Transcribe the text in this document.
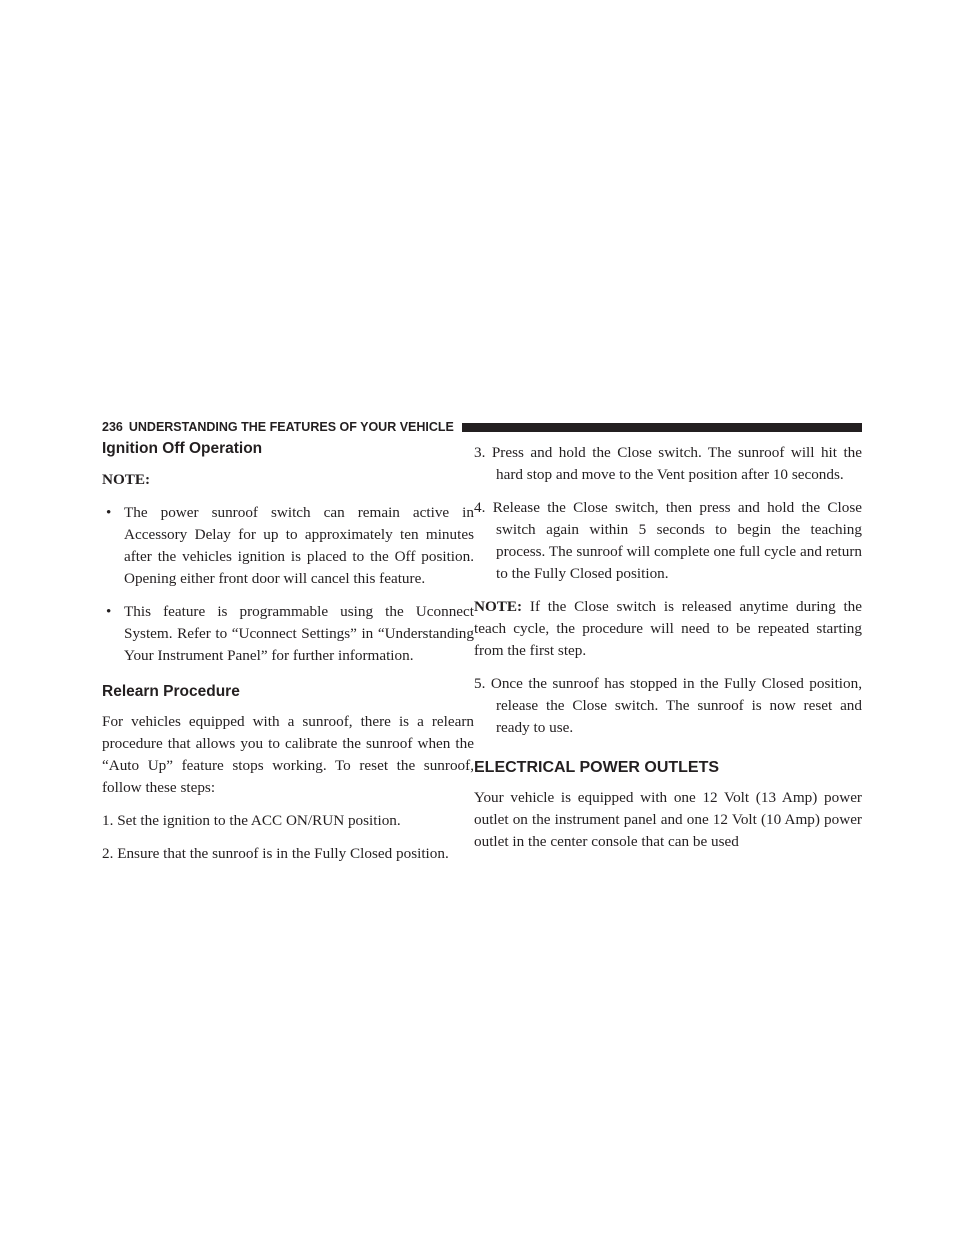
236 UNDERSTANDING THE FEATURES OF YOUR VEHICLE
Ignition Off Operation

NOTE:

• The power sunroof switch can remain active in Accessory Delay for up to approximately ten minutes after the vehicles ignition is placed to the Off position. Opening either front door will cancel this feature.
• This feature is programmable using the Uconnect System. Refer to “Uconnect Settings” in “Understanding Your Instrument Panel” for further information.
Relearn Procedure

For vehicles equipped with a sunroof, there is a relearn procedure that allows you to calibrate the sunroof when the “Auto Up” feature stops working. To reset the sunroof, follow these steps:

1. Set the ignition to the ACC ON/RUN position.

2. Ensure that the sunroof is in the Fully Closed position.

3. Press and hold the Close switch. The sunroof will hit the hard stop and move to the Vent position after 10 seconds.

4. Release the Close switch, then press and hold the Close switch again within 5 seconds to begin the teaching process. The sunroof will complete one full cycle and return to the Fully Closed position.

NOTE: If the Close switch is released anytime during the teach cycle, the procedure will need to be repeated starting from the first step.

5. Once the sunroof has stopped in the Fully Closed position, release the Close switch. The sunroof is now reset and ready to use.

ELECTRICAL POWER OUTLETS

Your vehicle is equipped with one 12 Volt (13 Amp) power outlet on the instrument panel and one 12 Volt (10 Amp) power outlet in the center console that can be used
